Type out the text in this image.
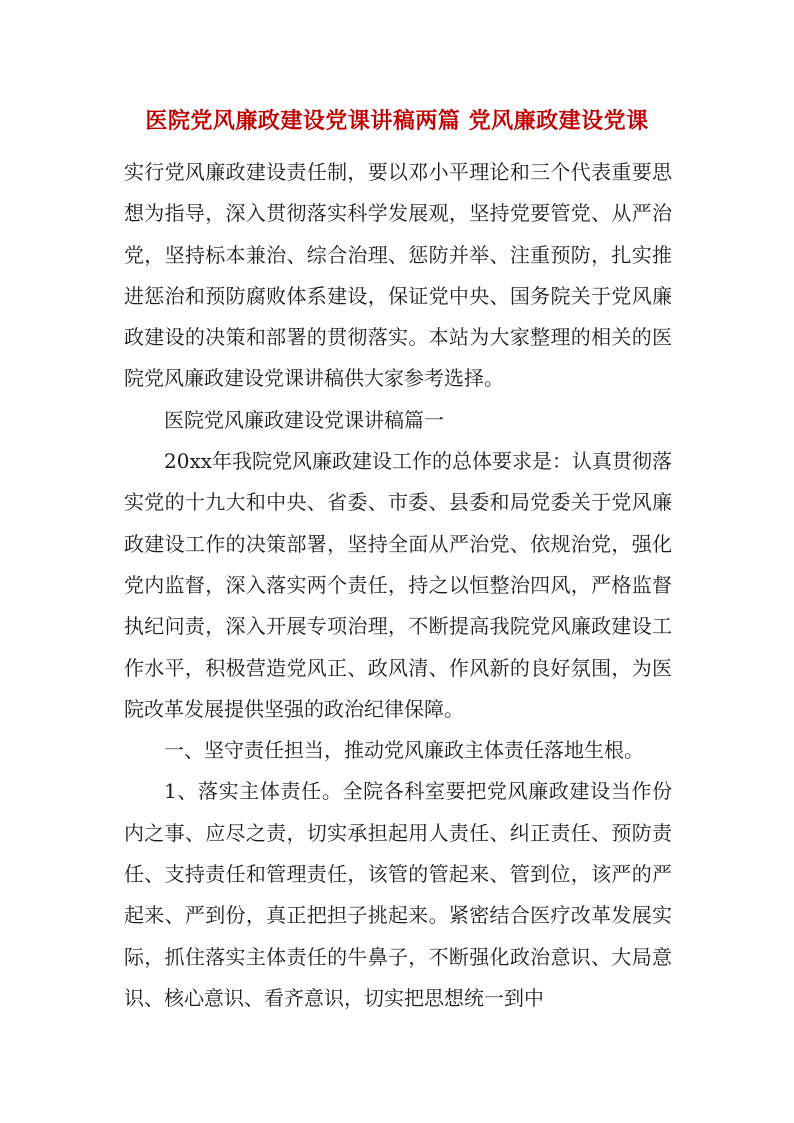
医院党风廉政建设党课讲稿两篇 党风廉政建设党课

实行党风廉政建设责任制，要以邓小平理论和三个代表重要思想为指导，深入贯彻落实科学发展观，坚持党要管党、从严治党，坚持标本兼治、综合治理、惩防并举、注重预防，扎实推进惩治和预防腐败体系建设，保证党中央、国务院关于党风廉政建设的决策和部署的贯彻落实。本站为大家整理的相关的医院党风廉政建设党课讲稿供大家参考选择。

医院党风廉政建设党课讲稿篇一

20xx年我院党风廉政建设工作的总体要求是：认真贯彻落实党的十九大和中央、省委、市委、县委和局党委关于党风廉政建设工作的决策部署，坚持全面从严治党、依规治党，强化党内监督，深入落实两个责任，持之以恒整治四风，严格监督执纪问责，深入开展专项治理，不断提高我院党风廉政建设工作水平，积极营造党风正、政风清、作风新的良好氛围，为医院改革发展提供坚强的政治纪律保障。

一、坚守责任担当，推动党风廉政主体责任落地生根。

1、落实主体责任。全院各科室要把党风廉政建设当作份内之事、应尽之责，切实承担起用人责任、纠正责任、预防责任、支持责任和管理责任，该管的管起来、管到位，该严的严起来、严到份，真正把担子挑起来。紧密结合医疗改革发展实际，抓住落实主体责任的牛鼻子，不断强化政治意识、大局意识、核心意识、看齐意识，切实把思想统一到中
